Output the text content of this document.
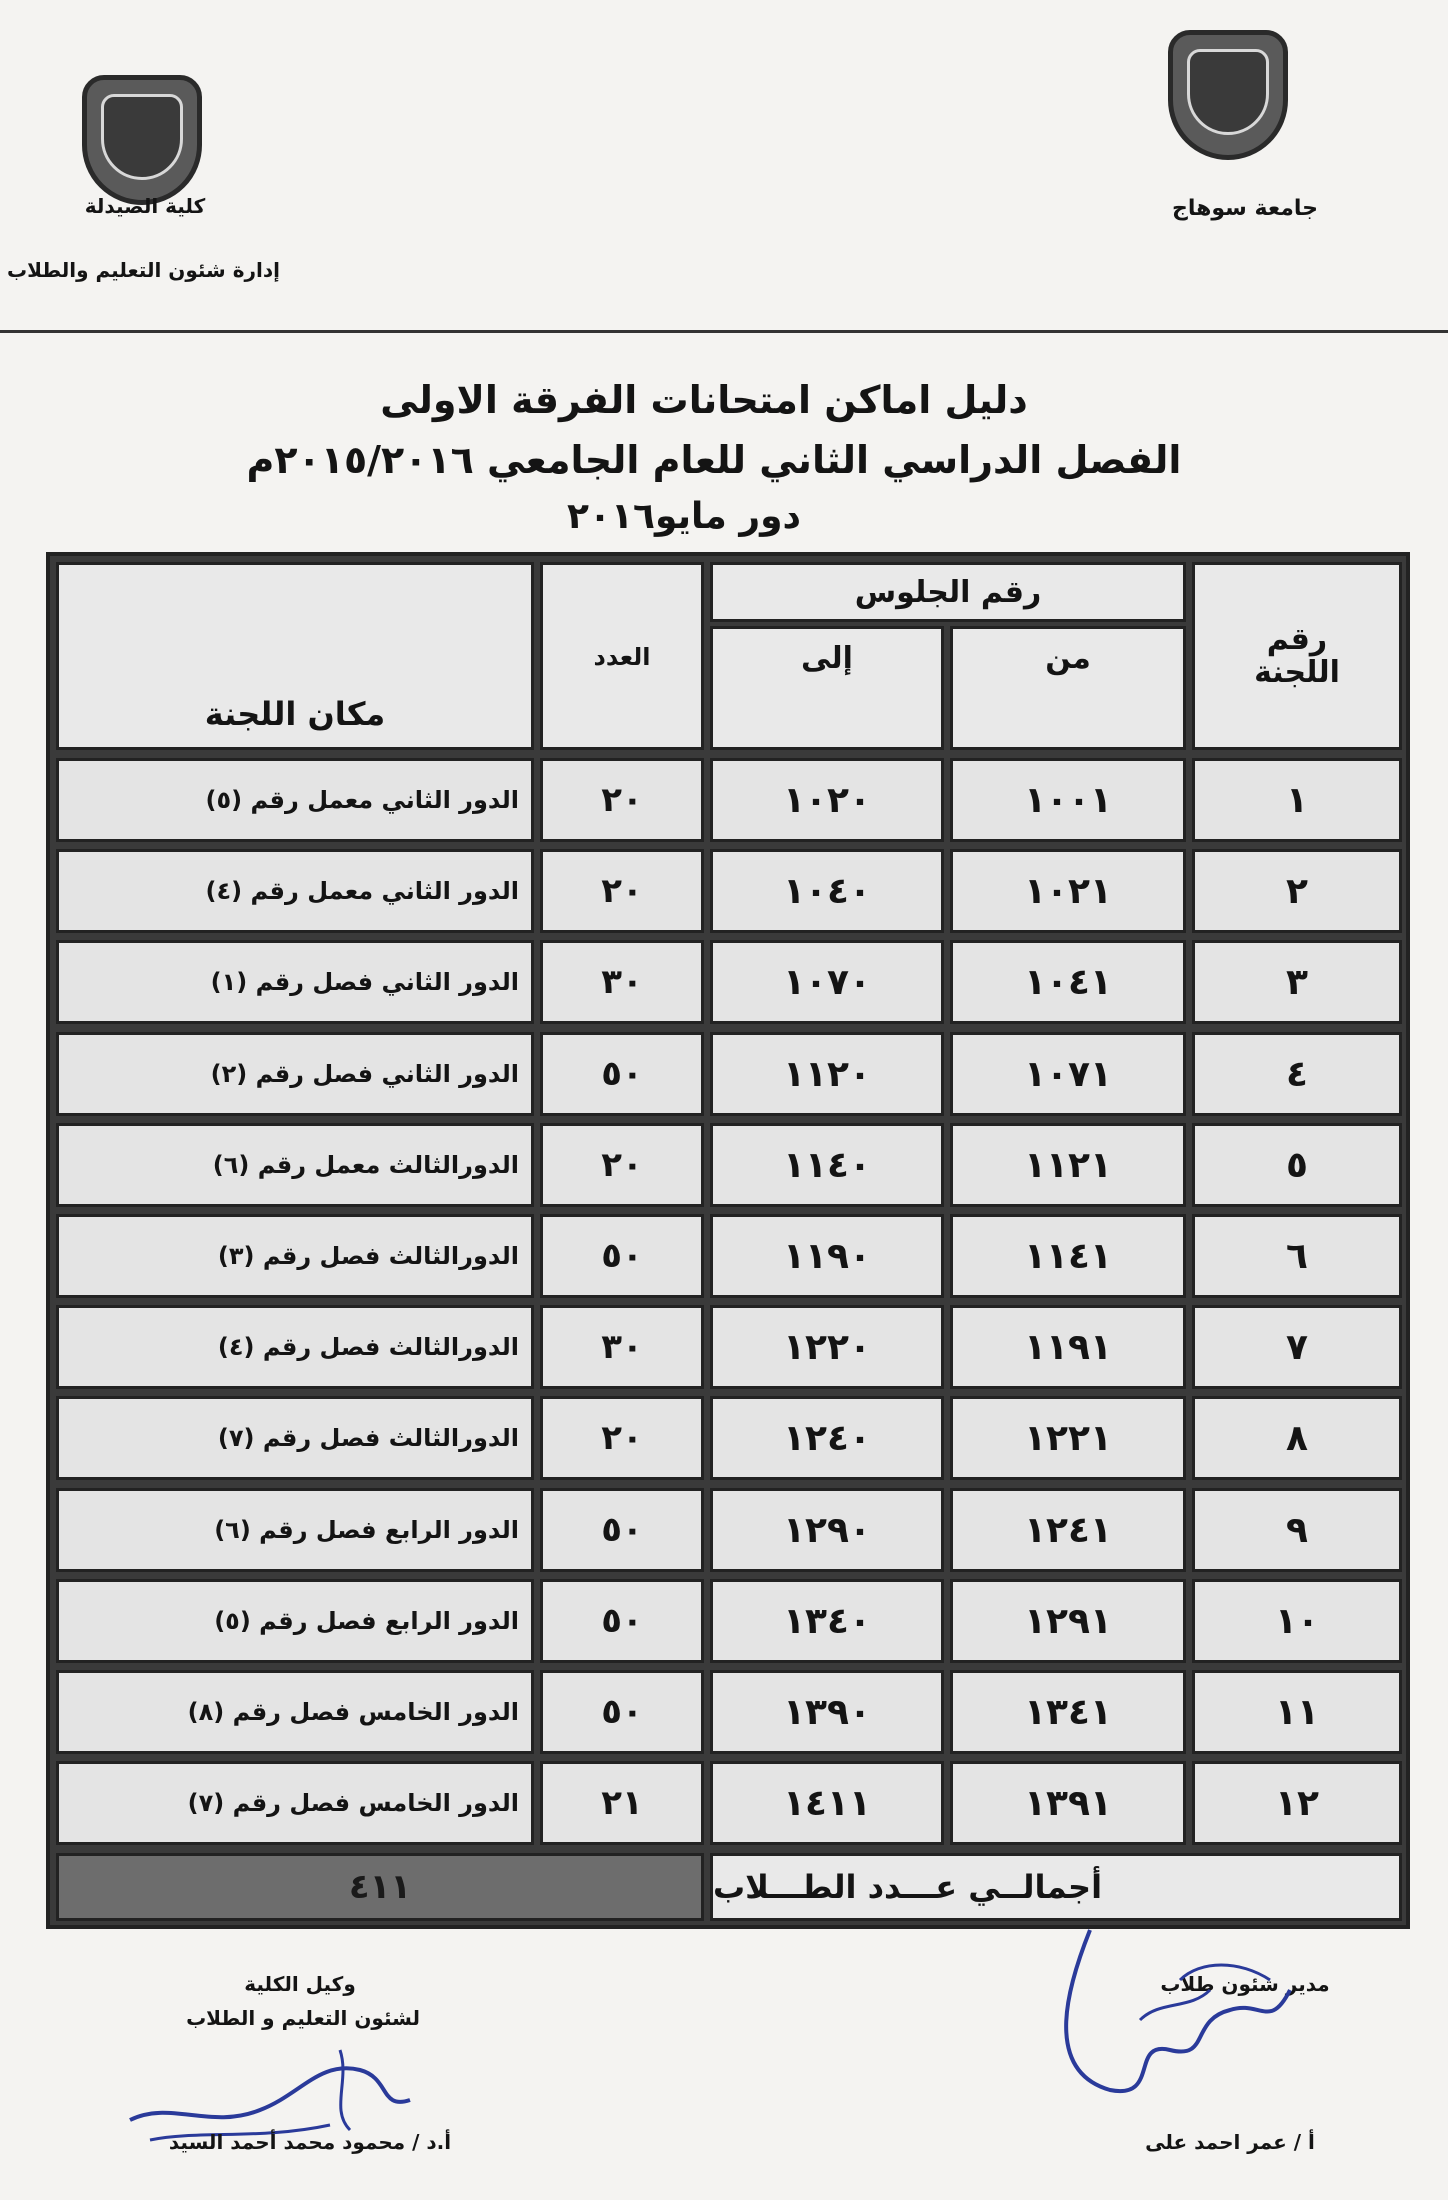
جامعة سوهاج
كلية الصيدلة
إدارة شئون التعليم والطلاب
دليل اماكن امتحانات الفرقة الاولى
الفصل الدراسي الثاني للعام الجامعي ٢٠١٥/٢٠١٦م
دور مايو٢٠١٦
رقم اللجنة
رقم الجلوس
من
إلى
العدد
مكان اللجنة
١
١٠٠١
١٠٢٠
٢٠
الدور الثاني معمل رقم (٥)
٢
١٠٢١
١٠٤٠
٢٠
الدور الثاني معمل رقم (٤)
٣
١٠٤١
١٠٧٠
٣٠
الدور الثاني فصل رقم (١)
٤
١٠٧١
١١٢٠
٥٠
الدور الثاني فصل رقم (٢)
٥
١١٢١
١١٤٠
٢٠
الدورالثالث معمل رقم (٦)
٦
١١٤١
١١٩٠
٥٠
الدورالثالث فصل رقم (٣)
٧
١١٩١
١٢٢٠
٣٠
الدورالثالث فصل رقم (٤)
٨
١٢٢١
١٢٤٠
٢٠
الدورالثالث فصل رقم (٧)
٩
١٢٤١
١٢٩٠
٥٠
الدور الرابع فصل رقم (٦)
١٠
١٢٩١
١٣٤٠
٥٠
الدور الرابع فصل رقم (٥)
١١
١٣٤١
١٣٩٠
٥٠
الدور الخامس فصل رقم (٨)
١٢
١٣٩١
١٤١١
٢١
الدور الخامس فصل رقم (٧)
أجمالــي عـــدد الطـــلاب
٤١١
مدير شئون طلاب
أ / عمر احمد على
وكيل الكلية
لشئون التعليم و الطلاب
أ.د / محمود محمد أحمد السيد
